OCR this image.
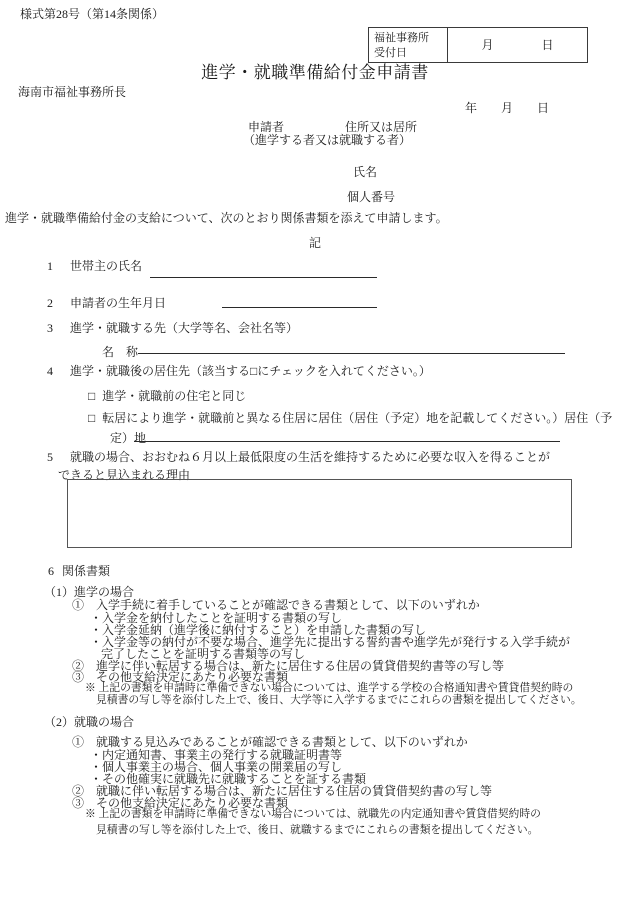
様式第28号（第14条関係）
福祉事務所
受付日
月　　　　日
進学・就職準備給付金申請書
海南市福祉事務所長
年　　月　　日
申請者	住所又は居所
（進学する者又は就職する者）
氏名
個人番号
進学・就職準備給付金の支給について、次のとおり関係書類を添えて申請します。
記
1 世帯主の氏名
2 申請者の生年月日
3 進学・就職する先（大学等名、会社名等）
名　称
4 進学・就職後の居住先（該当する□にチェックを入れてください。）
□ 進学・就職前の住宅と同じ
□ 転居により進学・就職前と異なる住居に居住（居住（予定）地を記載してください。）居住（予
定）地
5 就職の場合、おおむね６月以上最低限度の生活を維持するために必要な収入を得ることが
できると見込まれる理由
6 関係書類
（1）進学の場合
①　入学手続に着手していることが確認できる書類として、以下のいずれか
・入学金を納付したことを証明する書類の写し
・入学金延納（進学後に納付すること）を申請した書類の写し
・入学金等の納付が不要な場合、進学先に提出する誓約書や進学先が発行する入学手続が
完了したことを証明する書類等の写し
②　進学に伴い転居する場合は、新たに居住する住居の賃貸借契約書等の写し等
③　その他支給決定にあたり必要な書類
※ 上記の書類を申請時に準備できない場合については、進学する学校の合格通知書や賃貸借契約時の
見積書の写し等を添付した上で、後日、大学等に入学するまでにこれらの書類を提出してください。
（2）就職の場合
①　就職する見込みであることが確認できる書類として、以下のいずれか
・内定通知書、事業主の発行する就職証明書等
・個人事業主の場合、個人事業の開業届の写し
・その他確実に就職先に就職することを証する書類
②　就職に伴い転居する場合は、新たに居住する住居の賃貸借契約書の写し等
③　その他支給決定にあたり必要な書類
※ 上記の書類を申請時に準備できない場合については、就職先の内定通知書や賃貸借契約時の
見積書の写し等を添付した上で、後日、就職するまでにこれらの書類を提出してください。
